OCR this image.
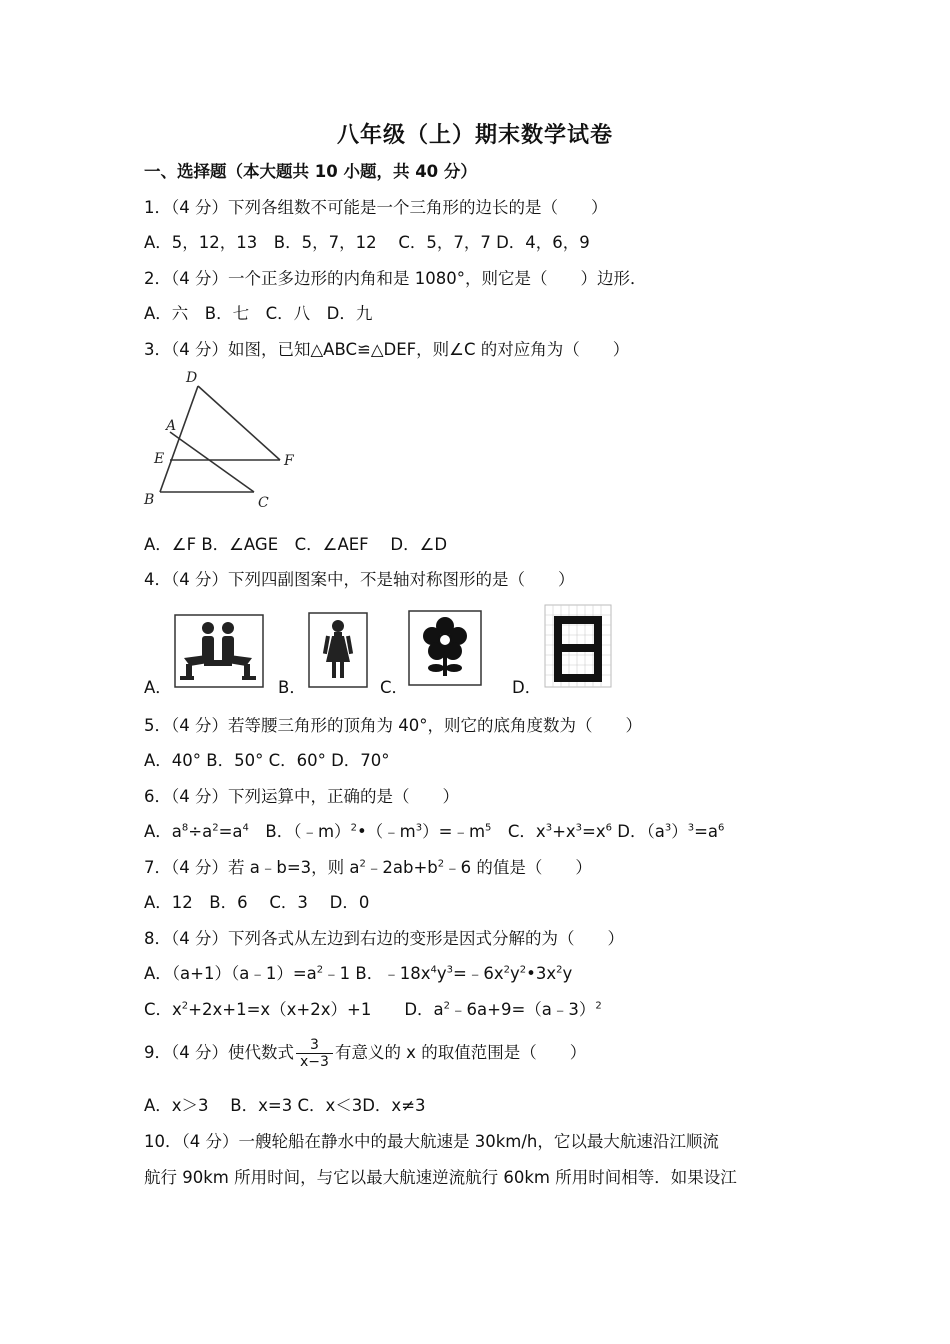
八年级（上）期末数学试卷
一、选择题（本大题共 10 小题，共 40 分）
1．（4 分）下列各组数不可能是一个三角形的边长的是（　　）
A．5，12，13　B．5，7，12　 C．5，7，7 D．4，6，9
2．（4 分）一个正多边形的内角和是 1080°，则它是（　　）边形．
A．六　B．七　C．八　D．九
3．（4 分）如图，已知△ABC≌△DEF，则∠C 的对应角为（　　）
D
A
E	F
B	C
A．∠F B．∠AGE　C．∠AEF　 D．∠D
4．（4 分）下列四副图案中，不是轴对称图形的是（　　）
A．	B．	C．	D．
5．（4 分）若等腰三角形的顶角为 40°，则它的底角度数为（　　）
A．40° B．50° C．60° D．70°
6．（4 分）下列运算中，正确的是（　　）
A．$a^8\div a^2=a^4$　B．$(﹣m)^2•(﹣m^3)=﹣m^5$　C．$x^3+x^3=x^6$ D．$(a^3)^3=a^6$
7．（4 分）若 a﹣b=3，则 $a^2﹣2ab+b^2﹣6$ 的值是（　　）
A．12　B．6　 C．3　 D．0
8．（4 分）下列各式从左边到右边的变形是因式分解的为（　　）
A．$(a+1)(a﹣1)=a^2﹣1$ B．$﹣18x^4y^3=﹣6x^2y^2•3x^2y$
C．$x^2+2x+1=x(x+2x)+1$　　D．$a^2﹣6a+9=(a﹣3)^2$
9．（4 分）使代数式 $\frac{3}{x-3}$ 有意义的 x 的取值范围是（　　）
A．x＞3　 B．x=3 C．x＜3D．x≠3
10．（4 分）一艘轮船在静水中的最大航速是 30km/h，它以最大航速沿江顺流
航行 90km 所用时间，与它以最大航速逆流航行 60km 所用时间相等．如果设江
